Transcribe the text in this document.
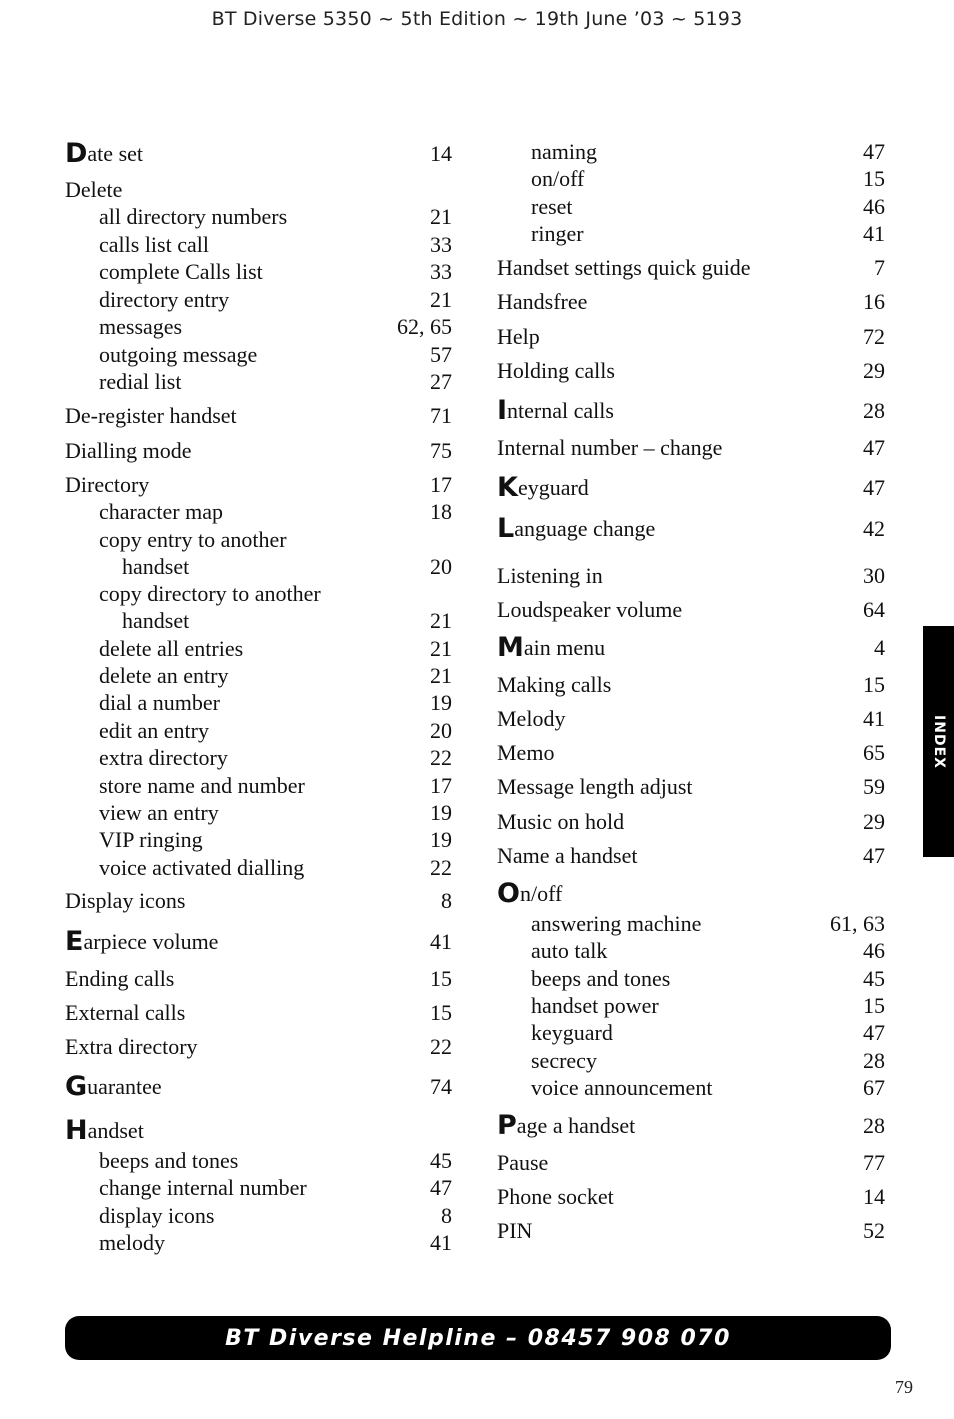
BT Diverse 5350 ~ 5th Edition ~ 19th June ’03 ~ 5193
Date set	14
Delete
all directory numbers	21
calls list call	33
complete Calls list	33
directory entry	21
messages	62, 65
outgoing message	57
redial list	27
De-register handset	71
Dialling mode	75
Directory	17
character map	18
copy entry to another
handset	20
copy directory to another
handset	21
delete all entries	21
delete an entry	21
dial a number	19
edit an entry	20
extra directory	22
store name and number	17
view an entry	19
VIP ringing	19
voice activated dialling	22
Display icons	8
Earpiece volume	41
Ending calls	15
External calls	15
Extra directory	22
Guarantee	74
Handset
beeps and tones	45
change internal number	47
display icons	8
melody	41
naming	47
on/off	15
reset	46
ringer	41
Handset settings quick guide	7
Handsfree	16
Help	72
Holding calls	29
Internal calls	28
Internal number – change	47
Keyguard	47
Language change	42
Listening in	30
Loudspeaker volume	64
Main menu	4
Making calls	15
Melody	41
Memo	65
Message length adjust	59
Music on hold	29
Name a handset	47
On/off
answering machine	61, 63
auto talk	46
beeps and tones	45
handset power	15
keyguard	47
secrecy	28
voice announcement	67
Page a handset	28
Pause	77
Phone socket	14
PIN	52
INDEX
BT Diverse Helpline – 08457 908 070
79
